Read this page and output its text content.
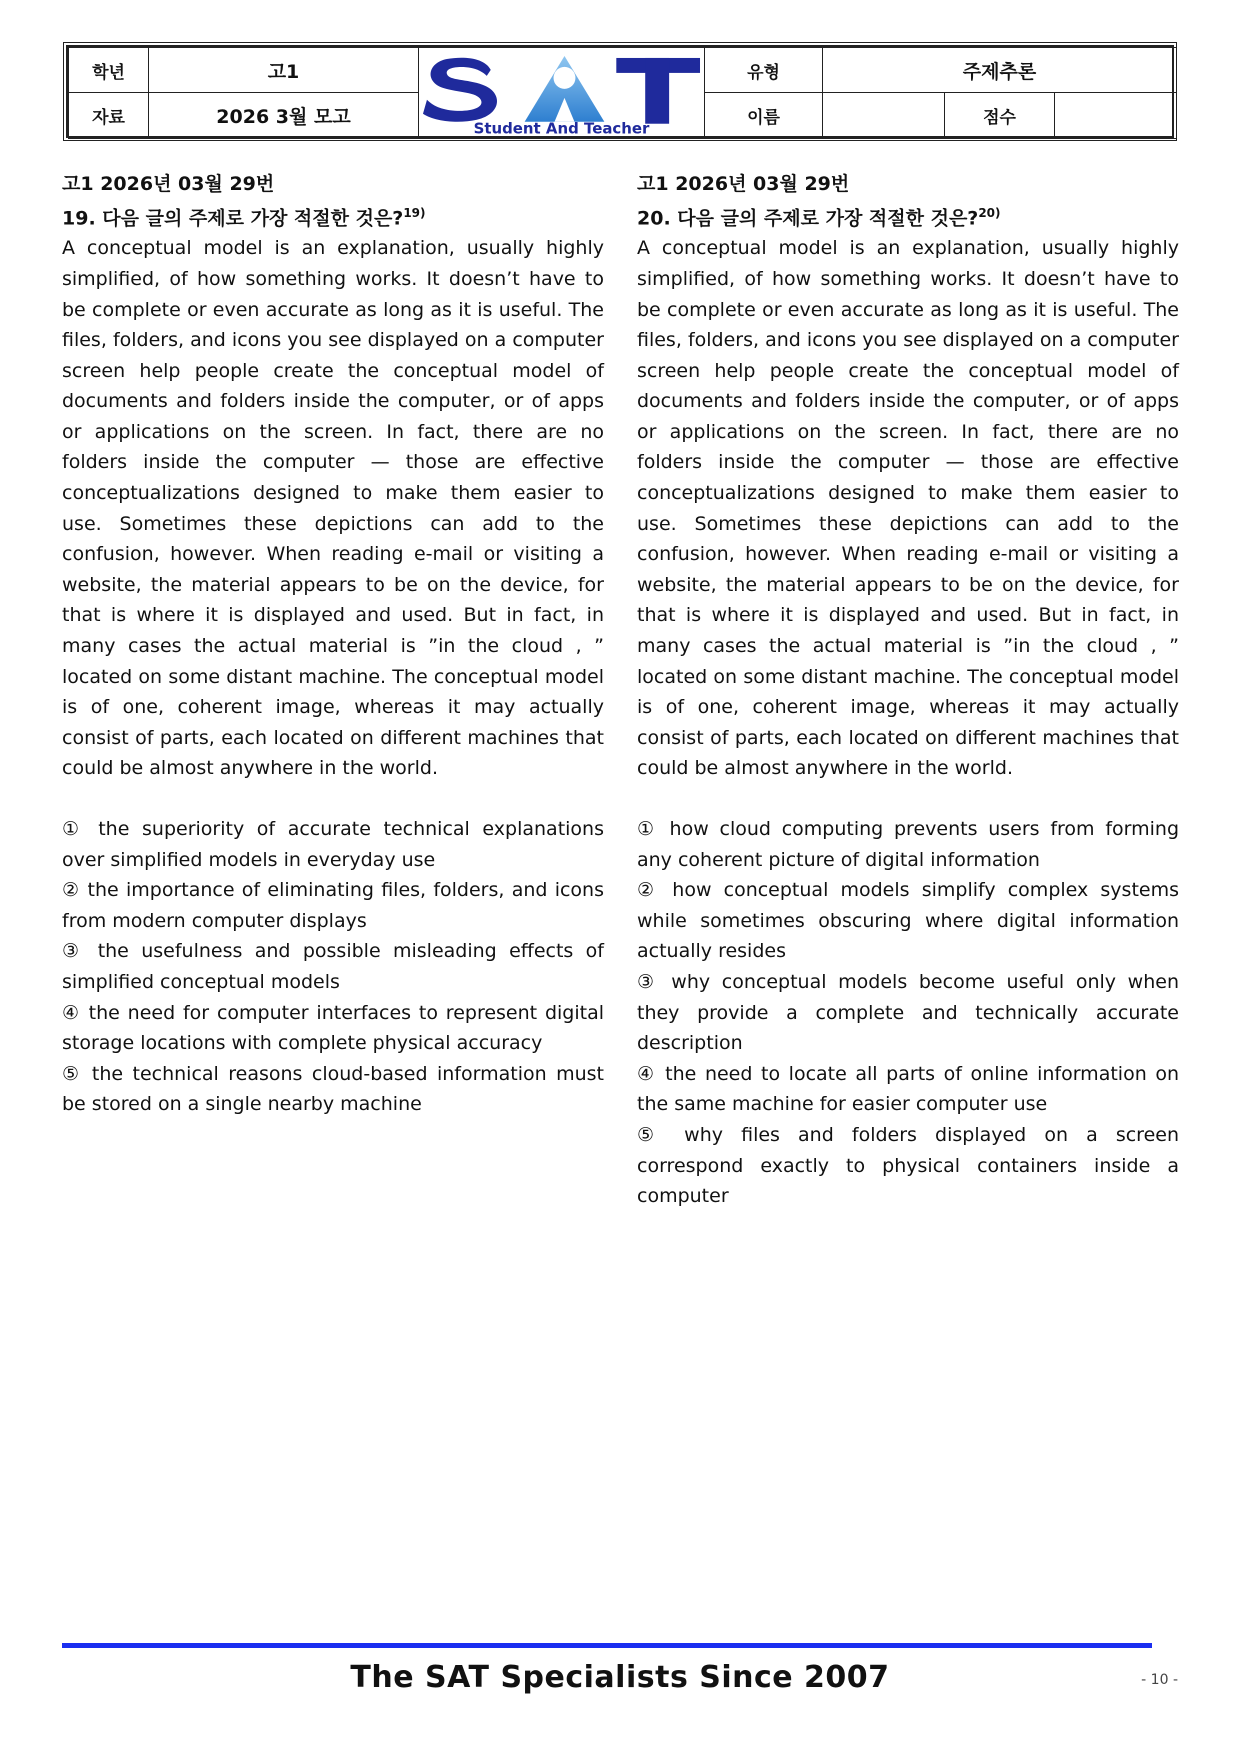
학년	고1	Student And Teacher	유형	주제추론		
자료	2026 3월 모고		이름		점수	
고1 2026년 03월 29번
19. 다음 글의 주제로 가장 적절한 것은?$^{19)}$

A conceptual model is an explanation, usually highly simplified, of how something works. It doesn’t have to be complete or even accurate as long as it is useful. The files, folders, and icons you see displayed on a computer screen help people create the conceptual model of documents and folders inside the computer, or of apps or applications on the screen. In fact, there are no folders inside the computer — those are effective conceptualizations designed to make them easier to use. Sometimes these depictions can add to the confusion, however. When reading e-mail or visiting a website, the material appears to be on the device, for that is where it is displayed and used. But in fact, in many cases the actual material is ”in the cloud , ” located on some distant machine. The conceptual model is of one, coherent image, whereas it may actually consist of parts, each located on different machines that could be almost anywhere in the world.

① the superiority of accurate technical explanations over simplified models in everyday use
② the importance of eliminating files, folders, and icons from modern computer displays
③ the usefulness and possible misleading effects of simplified conceptual models
④ the need for computer interfaces to represent digital storage locations with complete physical accuracy
⑤ the technical reasons cloud-based information must be stored on a single nearby machine
고1 2026년 03월 29번
20. 다음 글의 주제로 가장 적절한 것은?$^{20)}$

A conceptual model is an explanation, usually highly simplified, of how something works. It doesn’t have to be complete or even accurate as long as it is useful. The files, folders, and icons you see displayed on a computer screen help people create the conceptual model of documents and folders inside the computer, or of apps or applications on the screen. In fact, there are no folders inside the computer — those are effective conceptualizations designed to make them easier to use. Sometimes these depictions can add to the confusion, however. When reading e-mail or visiting a website, the material appears to be on the device, for that is where it is displayed and used. But in fact, in many cases the actual material is ”in the cloud , ” located on some distant machine. The conceptual model is of one, coherent image, whereas it may actually consist of parts, each located on different machines that could be almost anywhere in the world.

① how cloud computing prevents users from forming any coherent picture of digital information
② how conceptual models simplify complex systems while sometimes obscuring where digital information actually resides
③ why conceptual models become useful only when they provide a complete and technically accurate description
④ the need to locate all parts of online information on the same machine for easier computer use
⑤ why files and folders displayed on a screen correspond exactly to physical containers inside a computer
The SAT Specialists Since 2007	- 10 -
